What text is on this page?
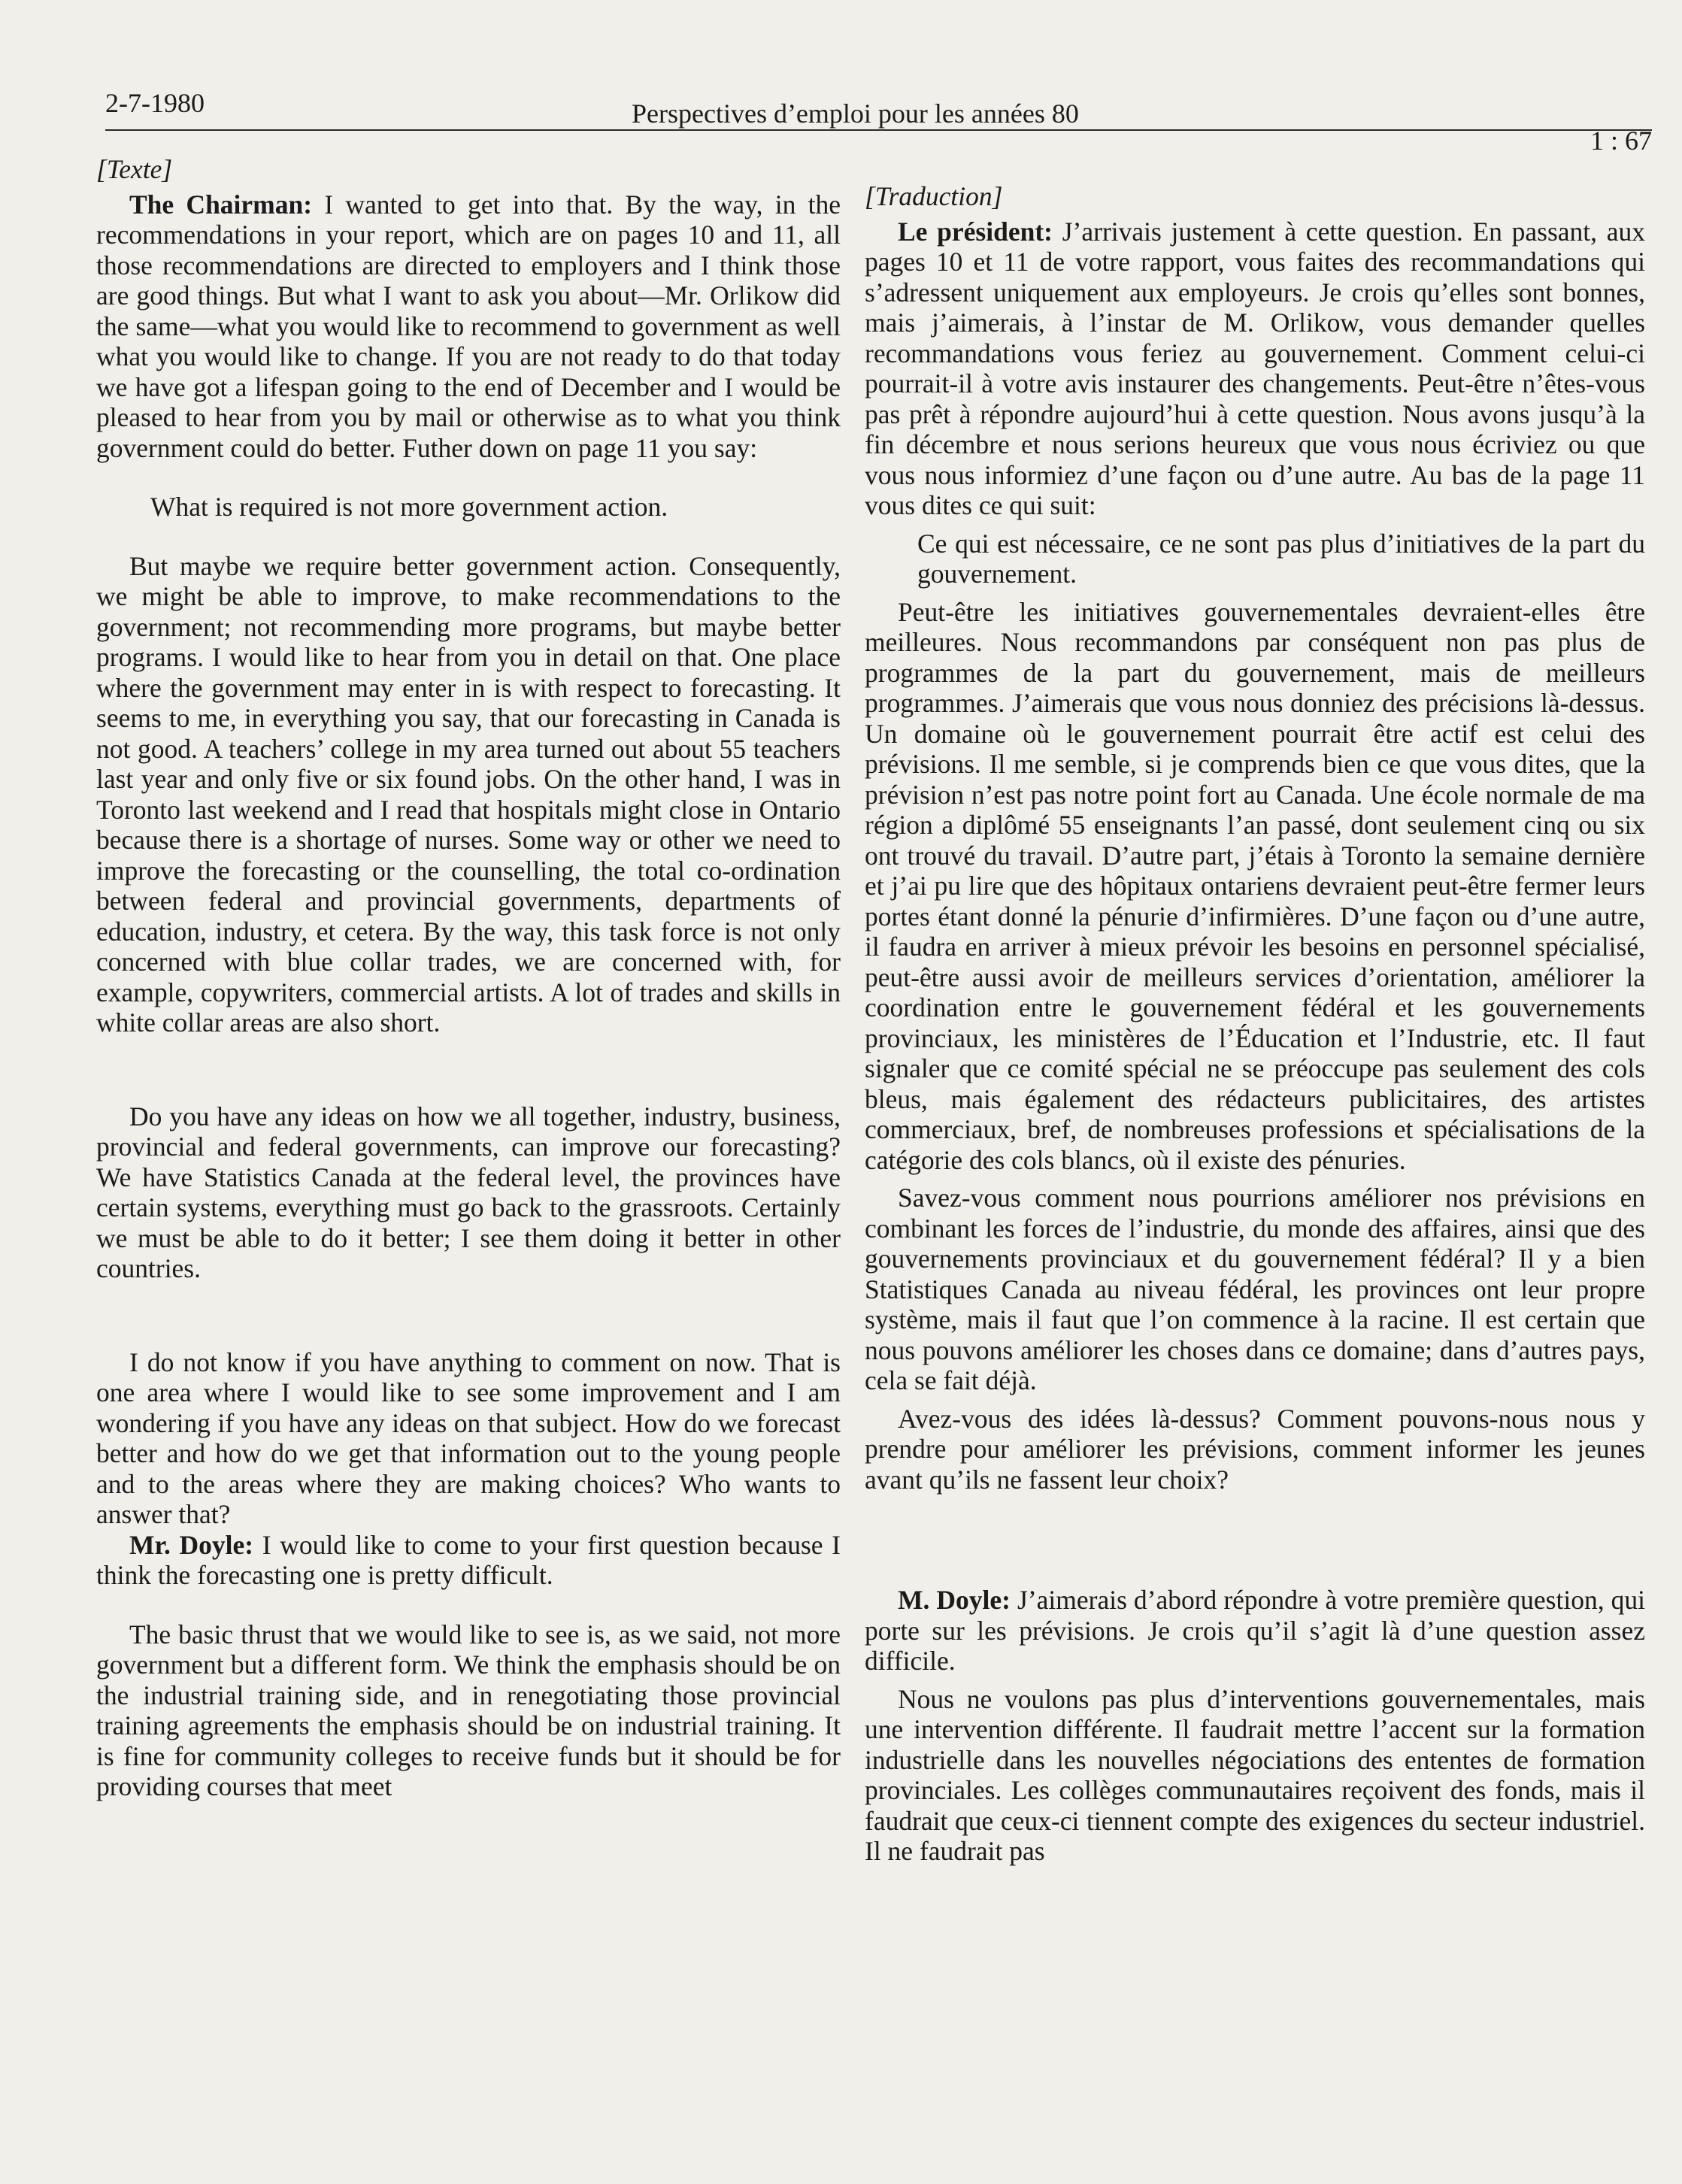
2-7-1980	Perspectives d’emploi pour les années 80
1 : 67

[Texte]

The Chairman: I wanted to get into that. By the way, in the recommendations in your report, which are on pages 10 and 11, all those recommendations are directed to employers and I think those are good things. But what I want to ask you about—Mr. Orlikow did the same—what you would like to recommend to government as well what you would like to change. If you are not ready to do that today we have got a lifespan going to the end of December and I would be pleased to hear from you by mail or otherwise as to what you think government could do better. Futher down on page 11 you say:

What is required is not more government action.

But maybe we require better government action. Consequently, we might be able to improve, to make recommendations to the government; not recommending more programs, but maybe better programs. I would like to hear from you in detail on that. One place where the government may enter in is with respect to forecasting. It seems to me, in everything you say, that our forecasting in Canada is not good. A teachers’ college in my area turned out about 55 teachers last year and only five or six found jobs. On the other hand, I was in Toronto last weekend and I read that hospitals might close in Ontario because there is a shortage of nurses. Some way or other we need to improve the forecasting or the counselling, the total co-ordination between federal and provincial governments, departments of education, industry, et cetera. By the way, this task force is not only concerned with blue collar trades, we are concerned with, for example, copywriters, commercial artists. A lot of trades and skills in white collar areas are also short.

Do you have any ideas on how we all together, industry, business, provincial and federal governments, can improve our forecasting? We have Statistics Canada at the federal level, the provinces have certain systems, everything must go back to the grassroots. Certainly we must be able to do it better; I see them doing it better in other countries.

I do not know if you have anything to comment on now. That is one area where I would like to see some improvement and I am wondering if you have any ideas on that subject. How do we forecast better and how do we get that information out to the young people and to the areas where they are making choices? Who wants to answer that?

Mr. Doyle: I would like to come to your first question because I think the forecasting one is pretty difficult.

The basic thrust that we would like to see is, as we said, not more government but a different form. We think the emphasis should be on the industrial training side, and in renegotiating those provincial training agreements the emphasis should be on industrial training. It is fine for community colleges to receive funds but it should be for providing courses that meet

[Traduction]

Le président: J’arrivais justement à cette question. En passant, aux pages 10 et 11 de votre rapport, vous faites des recommandations qui s’adressent uniquement aux employeurs. Je crois qu’elles sont bonnes, mais j’aimerais, à l’instar de M. Orlikow, vous demander quelles recommandations vous feriez au gouvernement. Comment celui-ci pourrait-il à votre avis instaurer des changements. Peut-être n’êtes-vous pas prêt à répondre aujourd’hui à cette question. Nous avons jusqu’à la fin décembre et nous serions heureux que vous nous écriviez ou que vous nous informiez d’une façon ou d’une autre. Au bas de la page 11 vous dites ce qui suit:

Ce qui est nécessaire, ce ne sont pas plus d’initiatives de la part du gouvernement.

Peut-être les initiatives gouvernementales devraient-elles être meilleures. Nous recommandons par conséquent non pas plus de programmes de la part du gouvernement, mais de meilleurs programmes. J’aimerais que vous nous donniez des précisions là-dessus. Un domaine où le gouvernement pourrait être actif est celui des prévisions. Il me semble, si je comprends bien ce que vous dites, que la prévision n’est pas notre point fort au Canada. Une école normale de ma région a diplômé 55 enseignants l’an passé, dont seulement cinq ou six ont trouvé du travail. D’autre part, j’étais à Toronto la semaine dernière et j’ai pu lire que des hôpitaux ontariens devraient peut-être fermer leurs portes étant donné la pénurie d’infirmières. D’une façon ou d’une autre, il faudra en arriver à mieux prévoir les besoins en personnel spécialisé, peut-être aussi avoir de meilleurs services d’orientation, améliorer la coordination entre le gouvernement fédéral et les gouvernements provinciaux, les ministères de l’Éducation et l’Industrie, etc. Il faut signaler que ce comité spécial ne se préoccupe pas seulement des cols bleus, mais également des rédacteurs publicitaires, des artistes commerciaux, bref, de nombreuses professions et spécialisations de la catégorie des cols blancs, où il existe des pénuries.

Savez-vous comment nous pourrions améliorer nos prévisions en combinant les forces de l’industrie, du monde des affaires, ainsi que des gouvernements provinciaux et du gouvernement fédéral? Il y a bien Statistiques Canada au niveau fédéral, les provinces ont leur propre système, mais il faut que l’on commence à la racine. Il est certain que nous pouvons améliorer les choses dans ce domaine; dans d’autres pays, cela se fait déjà.

Avez-vous des idées là-dessus? Comment pouvons-nous nous y prendre pour améliorer les prévisions, comment informer les jeunes avant qu’ils ne fassent leur choix?

M. Doyle: J’aimerais d’abord répondre à votre première question, qui porte sur les prévisions. Je crois qu’il s’agit là d’une question assez difficile.

Nous ne voulons pas plus d’interventions gouvernementales, mais une intervention différente. Il faudrait mettre l’accent sur la formation industrielle dans les nouvelles négociations des ententes de formation provinciales. Les collèges communautaires reçoivent des fonds, mais il faudrait que ceux-ci tiennent compte des exigences du secteur industriel. Il ne faudrait pas
